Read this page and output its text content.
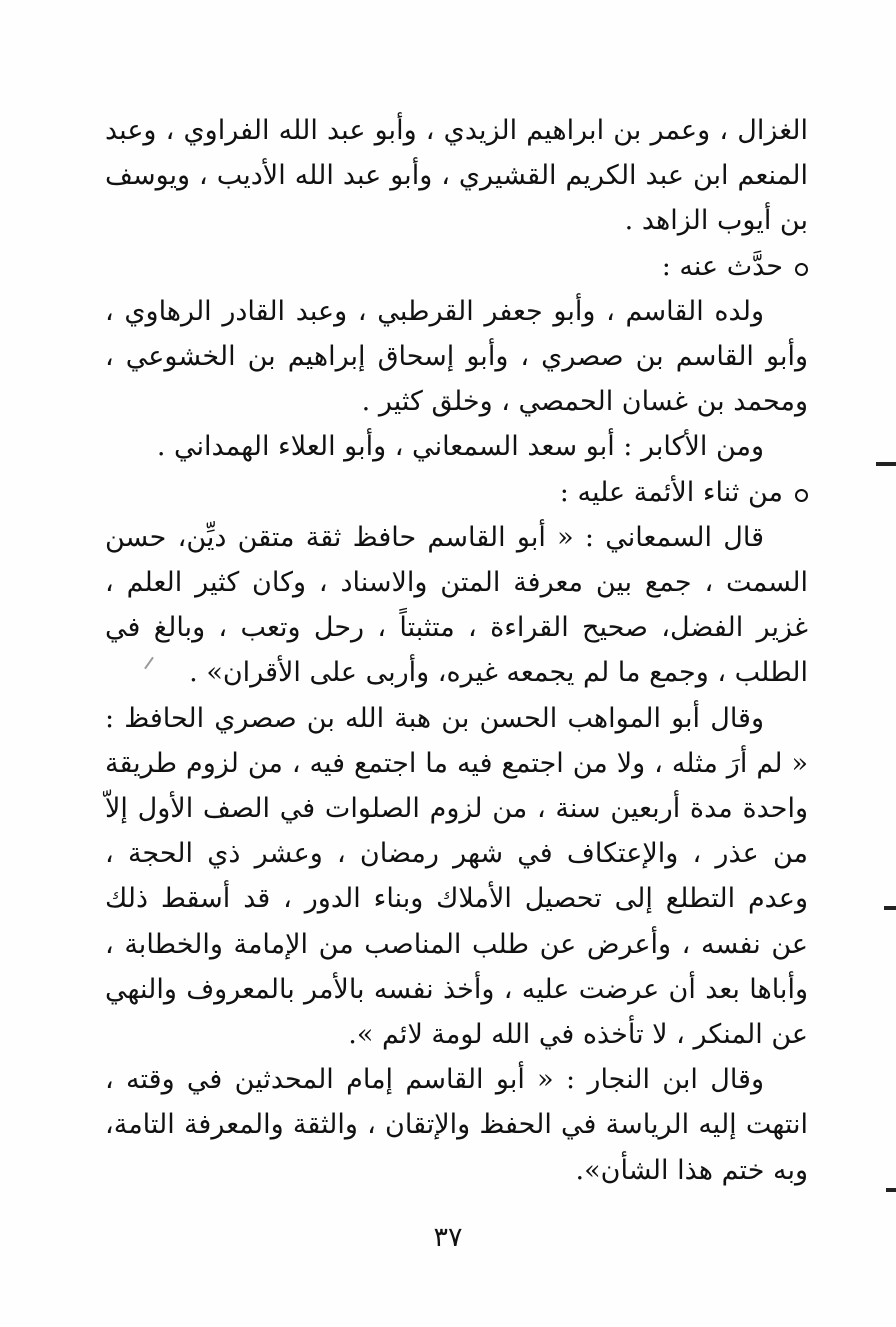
الغزال ، وعمر بن ابراهيم الزيدي ، وأبو عبد الله الفراوي ، وعبد المنعم ابن عبد الكريم القشيري ، وأبو عبد الله الأديب ، ويوسف بن أيوب الزاهد .

حدَّث عنه :

ولده القاسم ، وأبو جعفر القرطبي ، وعبد القادر الرهاوي ، وأبو القاسم بن صصري ، وأبو إسحاق إبراهيم بن الخشوعي ، ومحمد بن غسان الحمصي ، وخلق كثير .

ومن الأكابر : أبو سعد السمعاني ، وأبو العلاء الهمداني .

من ثناء الأئمة عليه :

قال السمعاني : « أبو القاسم حافظ ثقة متقن ديِّن، حسن السمت ، جمع بين معرفة المتن والاسناد ، وكان كثير العلم ، غزير الفضل، صحيح القراءة ، متثبتاً ، رحل وتعب ، وبالغ في الطلب ، وجمع ما لم يجمعه غيره، وأربى على الأقران» .

وقال أبو المواهب الحسن بن هبة الله بن صصري الحافظ : « لم أرَ مثله ، ولا من اجتمع فيه ما اجتمع فيه ، من لزوم طريقة واحدة مدة أربعين سنة ، من لزوم الصلوات في الصف الأول إلاّ من عذر ، والإعتكاف في شهر رمضان ، وعشر ذي الحجة ، وعدم التطلع إلى تحصيل الأملاك وبناء الدور ، قد أسقط ذلك عن نفسه ، وأعرض عن طلب المناصب من الإمامة والخطابة ، وأباها بعد أن عرضت عليه ، وأخذ نفسه بالأمر بالمعروف والنهي عن المنكر ، لا تأخذه في الله لومة لائم ».

وقال ابن النجار : « أبو القاسم إمام المحدثين في وقته ، انتهت إليه الرياسة في الحفظ والإتقان ، والثقة والمعرفة التامة، وبه ختم هذا الشأن».

٣٧
